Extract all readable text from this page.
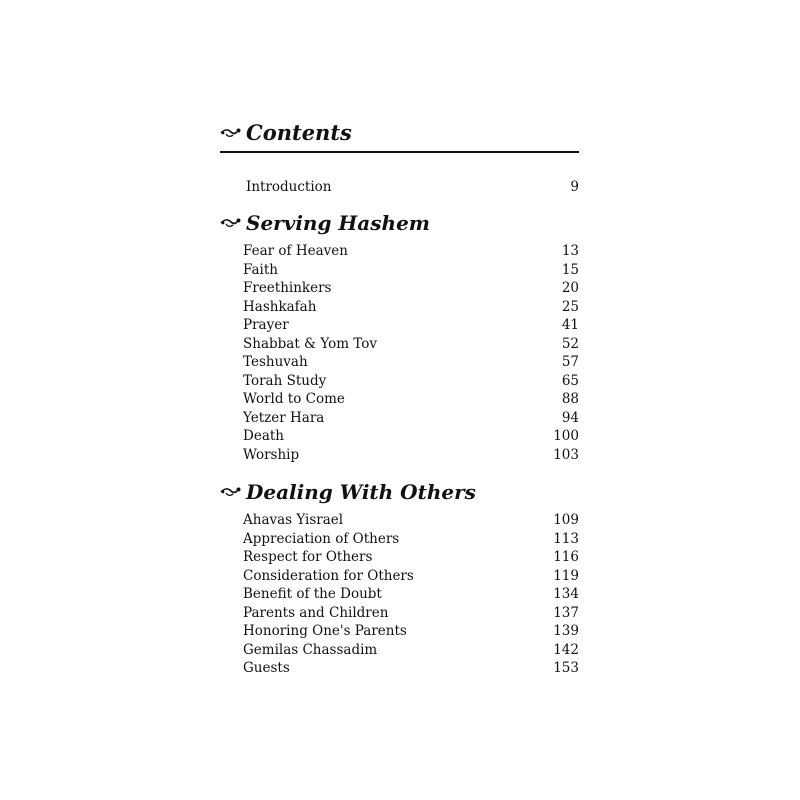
Contents
Introduction	9
Serving Hashem
Fear of Heaven	13
Faith	15
Freethinkers	20
Hashkafah	25
Prayer	41
Shabbat & Yom Tov	52
Teshuvah	57
Torah Study	65
World to Come	88
Yetzer Hara	94
Death	100
Worship	103
Dealing With Others
Ahavas Yisrael	109
Appreciation of Others	113
Respect for Others	116
Consideration for Others	119
Benefit of the Doubt	134
Parents and Children	137
Honoring One's Parents	139
Gemilas Chassadim	142
Guests	153
